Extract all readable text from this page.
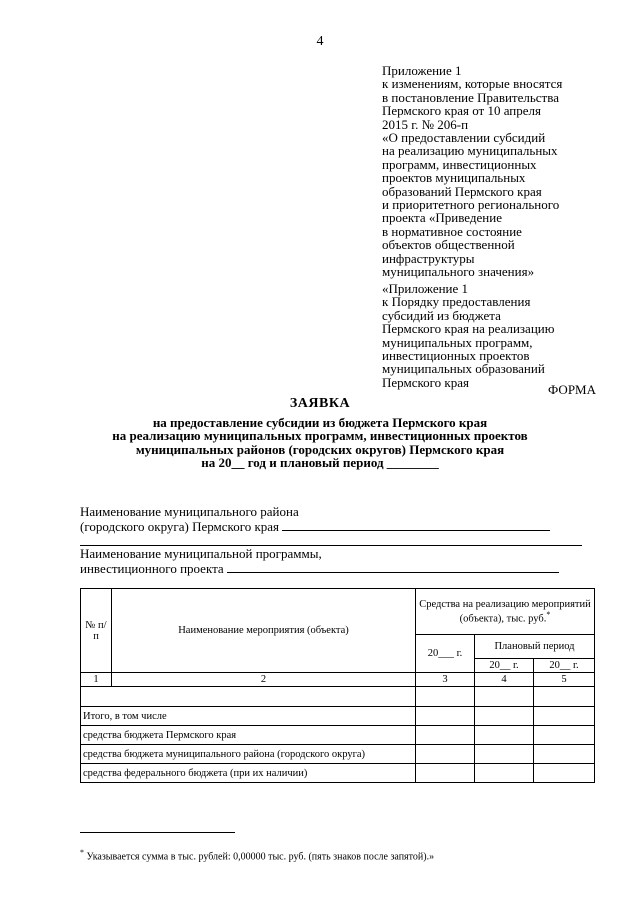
4
Приложение 1
к изменениям, которые вносятся
в постановление Правительства
Пермского края от 10 апреля
2015 г. № 206-п
«О предоставлении субсидий
на реализацию муниципальных
программ, инвестиционных
проектов муниципальных
образований Пермского края
и приоритетного регионального
проекта «Приведение
в нормативное состояние
объектов общественной
инфраструктуры
муниципального значения»
«Приложение 1
к Порядку предоставления
субсидий из бюджета
Пермского края на реализацию
муниципальных программ,
инвестиционных проектов
муниципальных образований
Пермского края	ФОРМА
ЗАЯВКА
на предоставление субсидии из бюджета Пермского края
на реализацию муниципальных программ, инвестиционных проектов
муниципальных районов (городских округов) Пермского края
на 20__ год и плановый период ________
Наименование муниципального района
(городского округа) Пермского края
Наименование муниципальной программы,
инвестиционного проекта
№ п/п	Наименование мероприятия (объекта)	Средства на реализацию мероприятий (объекта), тыс. руб.*
		20___ г.	Плановый период	
			20__ г.	20__ г.
1	2	3	4	5

Итого, в том числе				
средства бюджета Пермского края				
средства бюджета муниципального района (городского округа)				
средства федерального бюджета (при их наличии)				
* Указывается сумма в тыс. рублей: 0,00000 тыс. руб. (пять знаков после запятой).»
